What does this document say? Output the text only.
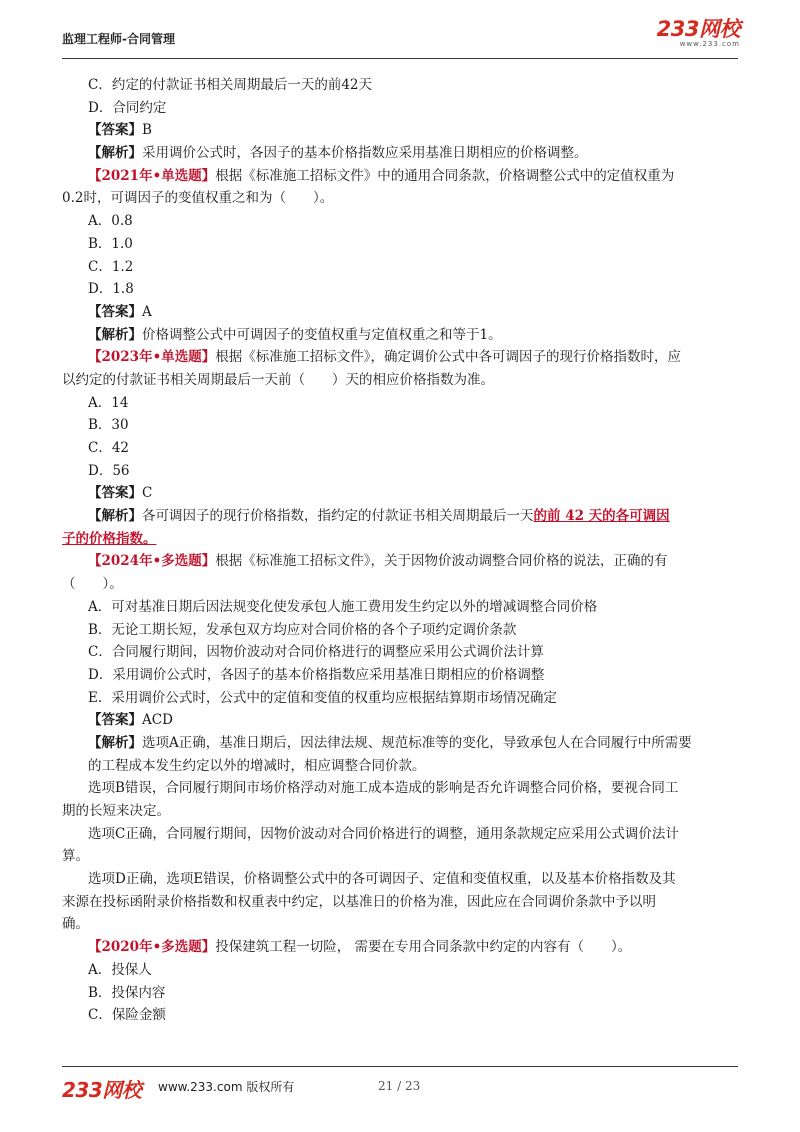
监理工程师-合同管理	233网校
www.233.com
C．约定的付款证书相关周期最后一天的前42天
D．合同约定
【答案】B
【解析】采用调价公式时，各因子的基本价格指数应采用基准日期相应的价格调整。
【2021年•单选题】根据《标准施工招标文件》中的通用合同条款，价格调整公式中的定值权重为
0.2时，可调因子的变值权重之和为（　　）。
A．0.8
B．1.0
C．1.2
D．1.8
【答案】A
【解析】价格调整公式中可调因子的变值权重与定值权重之和等于1。
【2023年•单选题】根据《标准施工招标文件》，确定调价公式中各可调因子的现行价格指数时，应
以约定的付款证书相关周期最后一天前（　　）天的相应价格指数为准。
A．14
B．30
C．42
D．56
【答案】C
【解析】各可调因子的现行价格指数，指约定的付款证书相关周期最后一天的前 42 天的各可调因
子的价格指数。
【2024年•多选题】根据《标准施工招标文件》，关于因物价波动调整合同价格的说法，正确的有
（　　）。
A．可对基准日期后因法规变化使发承包人施工费用发生约定以外的增减调整合同价格
B．无论工期长短，发承包双方均应对合同价格的各个子项约定调价条款
C．合同履行期间，因物价波动对合同价格进行的调整应采用公式调价法计算
D．采用调价公式时，各因子的基本价格指数应采用基准日期相应的价格调整
E．采用调价公式时，公式中的定值和变值的权重均应根据结算期市场情况确定
【答案】ACD
【解析】选项A正确，基准日期后，因法律法规、规范标准等的变化，导致承包人在合同履行中所需要
的工程成本发生约定以外的增减时，相应调整合同价款。
选项B错误，合同履行期间市场价格浮动对施工成本造成的影响是否允许调整合同价格，要视合同工
期的长短来决定。
选项C正确，合同履行期间，因物价波动对合同价格进行的调整，通用条款规定应采用公式调价法计
算。
选项D正确，选项E错误，价格调整公式中的各可调因子、定值和变值权重，以及基本价格指数及其
来源在投标函附录价格指数和权重表中约定，以基准日的价格为准，因此应在合同调价条款中予以明
确。
【2020年•多选题】投保建筑工程一切险， 需要在专用合同条款中约定的内容有（　　）。
A．投保人
B．投保内容
C．保险金额
233网校 www.233.com 版权所有	21 / 23
